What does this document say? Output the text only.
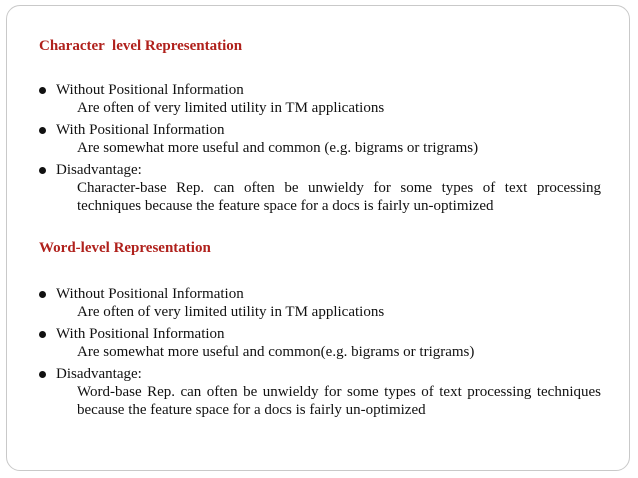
Character  level Representation
Without Positional Information
Are often of very limited utility in TM applications
With Positional Information
Are somewhat more useful and common (e.g. bigrams or trigrams)
Disadvantage:
Character-base Rep. can often be unwieldy for some types of text processing techniques because the feature space for a docs is fairly un-optimized
Word-level Representation
Without Positional Information
Are often of very limited utility in TM applications
With Positional Information
Are somewhat more useful and common(e.g. bigrams or trigrams)
Disadvantage:
Word-base Rep. can often be unwieldy for some types of text processing techniques because the feature space for a docs is fairly un-optimized
